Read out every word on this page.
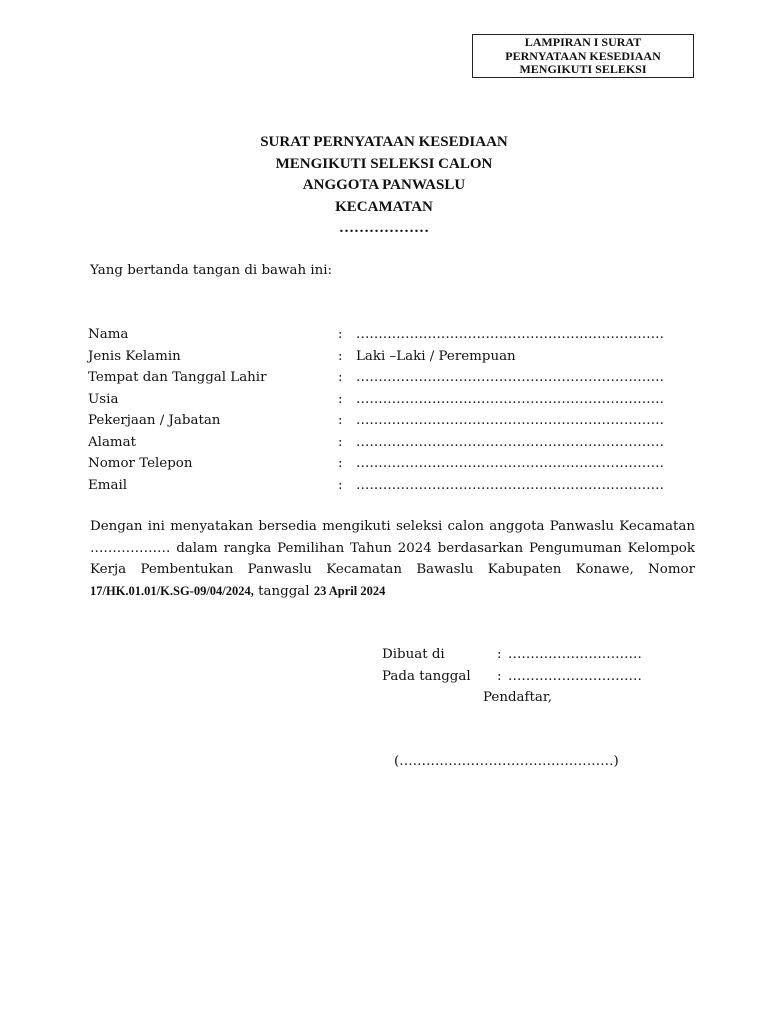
LAMPIRAN I SURAT
PERNYATAAN KESEDIAAN
MENGIKUTI SELEKSI
SURAT PERNYATAAN KESEDIAAN
MENGIKUTI SELEKSI CALON
ANGGOTA PANWASLU
KECAMATAN
………………
Yang bertanda tangan di bawah ini:
Nama	: ……………………………………………………………
Jenis Kelamin	: Laki –Laki / Perempuan
Tempat dan Tanggal Lahir	: ……………………………………………………………
Usia	: ……………………………………………………………
Pekerjaan / Jabatan	: ……………………………………………………………
Alamat	: ……………………………………………………………
Nomor Telepon	: ……………………………………………………………
Email	: ……………………………………………………………

Dengan ini menyatakan bersedia mengikuti seleksi calon anggota Panwaslu Kecamatan ……………… dalam rangka Pemilihan Tahun 2024 berdasarkan Pengumuman Kelompok Kerja Pembentukan Panwaslu Kecamatan Bawaslu Kabupaten Konawe, Nomor 17/HK.01.01/K.SG-09/04/2024, tanggal 23 April 2024

Dibuat di	: …………………………
Pada tanggal : …………………………
Pendaftar,
(…………………………………………)
